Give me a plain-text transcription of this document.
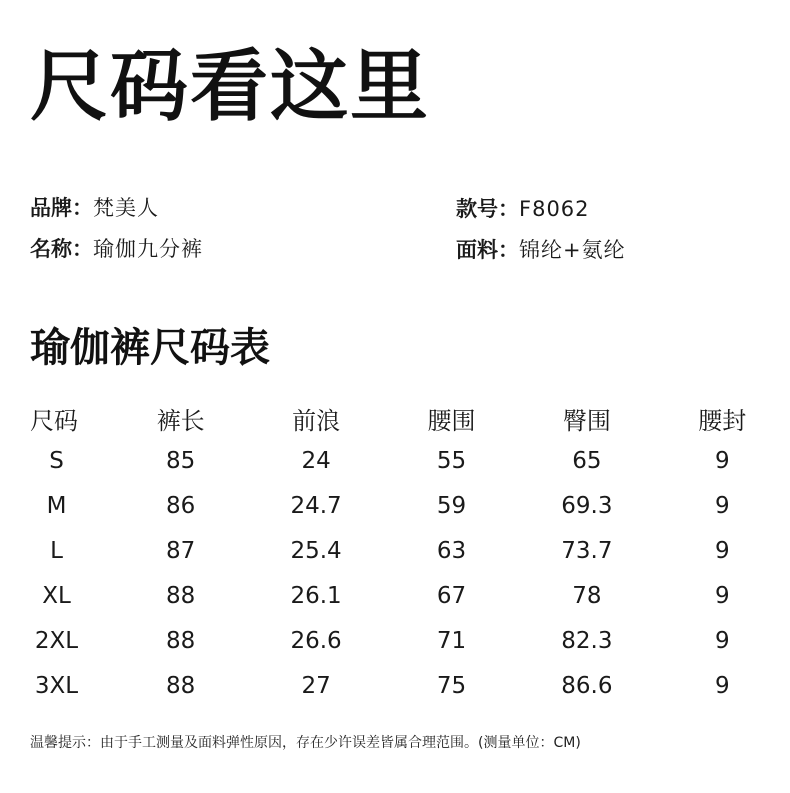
尺码看这里
品牌：梵美人
名称：瑜伽九分裤
款号：F8062
面料：锦纶+氨纶
瑜伽裤尺码表
尺码	裤长	前浪	腰围	臀围	腰封
S	85	24	55	65	9
M	86	24.7	59	69.3	9
L	87	25.4	63	73.7	9
XL	88	26.1	67	78	9
2XL	88	26.6	71	82.3	9
3XL	88	27	75	86.6	9
温馨提示：由于手工测量及面料弹性原因，存在少许误差皆属合理范围。(测量单位：CM)
